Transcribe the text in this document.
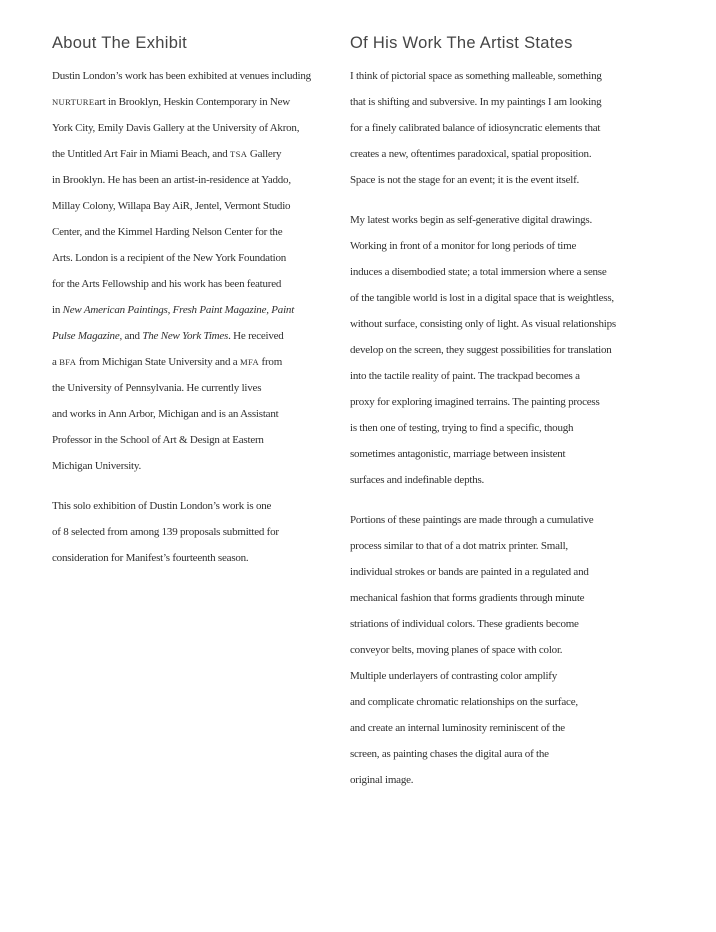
About The Exhibit
Dustin London’s work has been exhibited at venues including
NURTUREart in Brooklyn, Heskin Contemporary in New
York City, Emily Davis Gallery at the University of Akron,
the Untitled Art Fair in Miami Beach, and TSA Gallery
in Brooklyn. He has been an artist-in-residence at Yaddo,
Millay Colony, Willapa Bay AiR, Jentel, Vermont Studio
Center, and the Kimmel Harding Nelson Center for the
Arts. London is a recipient of the New York Foundation
for the Arts Fellowship and his work has been featured
in New American Paintings, Fresh Paint Magazine, Paint
Pulse Magazine, and The New York Times. He received
a BFA from Michigan State University and a MFA from
the University of Pennsylvania. He currently lives
and works in Ann Arbor, Michigan and is an Assistant
Professor in the School of Art & Design at Eastern
Michigan University.
This solo exhibition of Dustin London’s work is one
of 8 selected from among 139 proposals submitted for
consideration for Manifest’s fourteenth season.
Of His Work The Artist States
I think of pictorial space as something malleable, something
that is shifting and subversive. In my paintings I am looking
for a finely calibrated balance of idiosyncratic elements that
creates a new, oftentimes paradoxical, spatial proposition.
Space is not the stage for an event; it is the event itself.
My latest works begin as self-generative digital drawings.
Working in front of a monitor for long periods of time
induces a disembodied state; a total immersion where a sense
of the tangible world is lost in a digital space that is weightless,
without surface, consisting only of light. As visual relationships
develop on the screen, they suggest possibilities for translation
into the tactile reality of paint. The trackpad becomes a
proxy for exploring imagined terrains. The painting process
is then one of testing, trying to find a specific, though
sometimes antagonistic, marriage between insistent
surfaces and indefinable depths.
Portions of these paintings are made through a cumulative
process similar to that of a dot matrix printer. Small,
individual strokes or bands are painted in a regulated and
mechanical fashion that forms gradients through minute
striations of individual colors. These gradients become
conveyor belts, moving planes of space with color.
Multiple underlayers of contrasting color amplify
and complicate chromatic relationships on the surface,
and create an internal luminosity reminiscent of the
screen, as painting chases the digital aura of the
original image.
